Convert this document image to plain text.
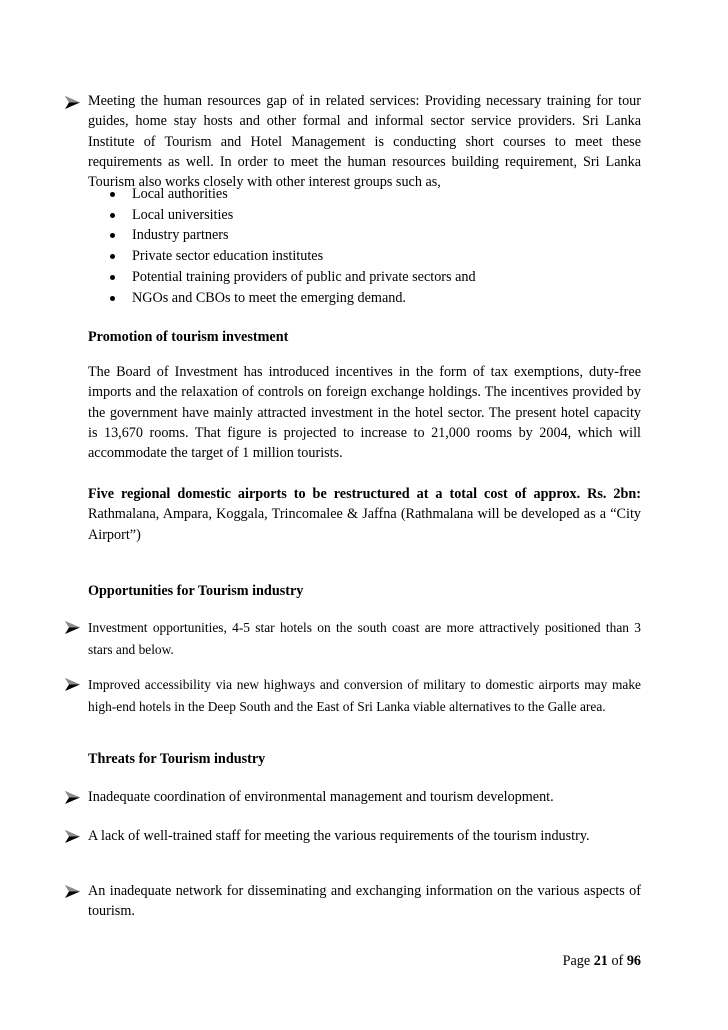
Meeting the human resources gap of in related services: Providing necessary training for tour guides, home stay hosts and other formal and informal sector service providers. Sri Lanka Institute of Tourism and Hotel Management is conducting short courses to meet these requirements as well. In order to meet the human resources building requirement, Sri Lanka Tourism also works closely with other interest groups such as,

Local authorities
Local universities
Industry partners
Private sector education institutes
Potential training providers of public and private sectors and
NGOs and CBOs to meet the emerging demand.

Promotion of tourism investment

The Board of Investment has introduced incentives in the form of tax exemptions, duty-free imports and the relaxation of controls on foreign exchange holdings. The incentives provided by the government have mainly attracted investment in the hotel sector. The present hotel capacity is 13,670 rooms. That figure is projected to increase to 21,000 rooms by 2004, which will accommodate the target of 1 million tourists.

Five regional domestic airports to be restructured at a total cost of approx. Rs. 2bn: Rathmalana, Ampara, Koggala, Trincomalee & Jaffna (Rathmalana will be developed as a “City Airport”)

Opportunities for Tourism industry

Investment opportunities, 4-5 star hotels on the south coast are more attractively positioned than 3 stars and below.

Improved accessibility via new highways and conversion of military to domestic airports may make high-end hotels in the Deep South and the East of Sri Lanka viable alternatives to the Galle area.

Threats for Tourism industry

Inadequate coordination of environmental management and tourism development.

A lack of well-trained staff for meeting the various requirements of the tourism industry.

An inadequate network for disseminating and exchanging information on the various aspects of tourism.

Page 21 of 96
